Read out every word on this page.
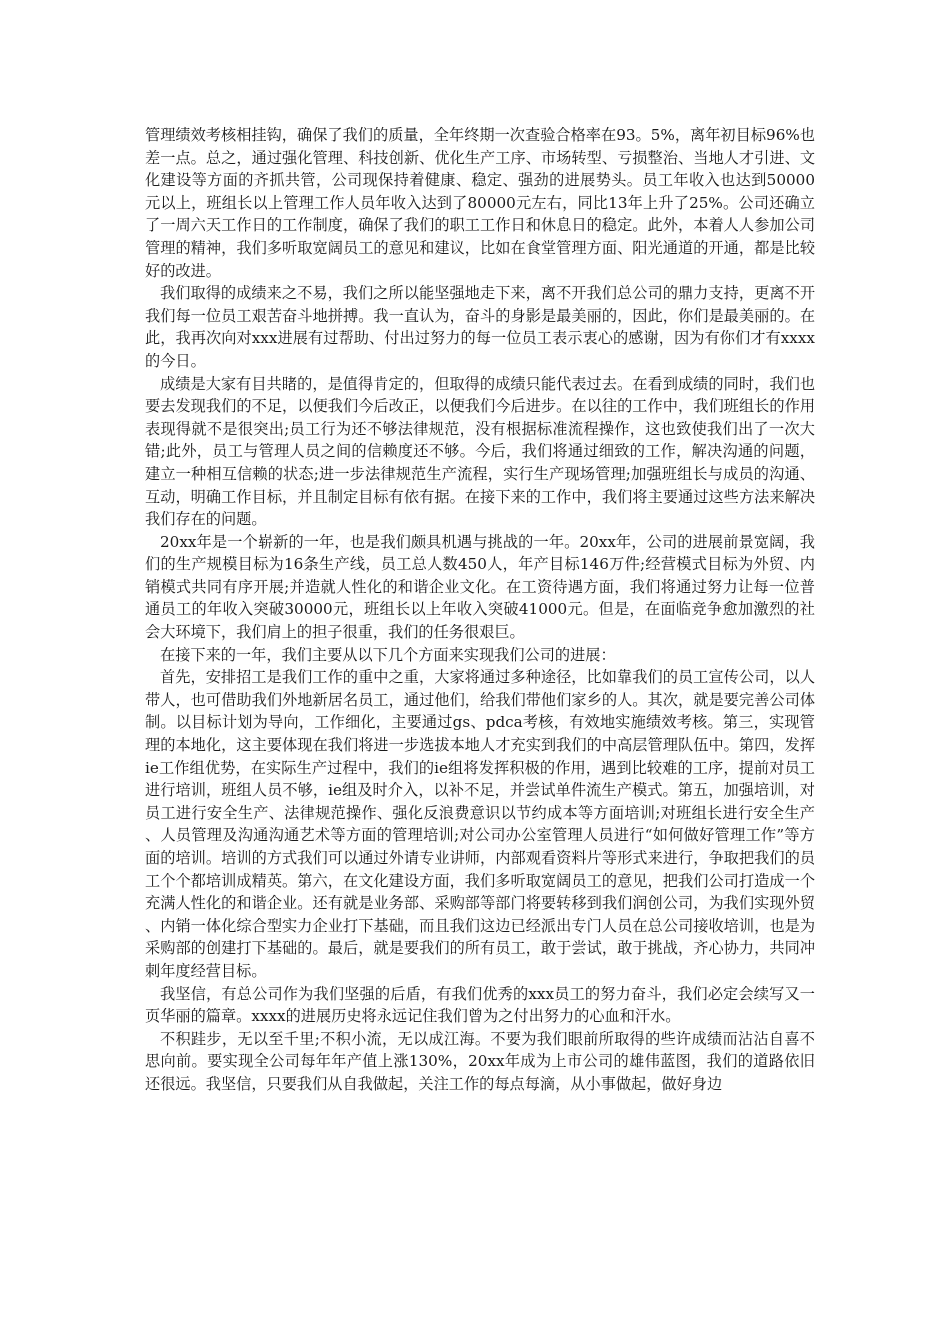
管理绩效考核相挂钩，确保了我们的质量，全年终期一次查验合格率在93。5%，离年初目标96%也差一点。总之，通过强化管理、科技创新、优化生产工序、市场转型、亏损整治、当地人才引进、文化建设等方面的齐抓共管，公司现保持着健康、稳定、强劲的进展势头。员工年收入也达到50000元以上，班组长以上管理工作人员年收入达到了80000元左右，同比13年上升了25%。公司还确立了一周六天工作日的工作制度，确保了我们的职工工作日和休息日的稳定。此外，本着人人参加公司管理的精神，我们多听取宽阔员工的意见和建议，比如在食堂管理方面、阳光通道的开通，都是比较好的改进。

我们取得的成绩来之不易，我们之所以能坚强地走下来，离不开我们总公司的鼎力支持，更离不开我们每一位员工艰苦奋斗地拼搏。我一直认为，奋斗的身影是最美丽的，因此，你们是最美丽的。在此，我再次向对xxx进展有过帮助、付出过努力的每一位员工表示衷心的感谢，因为有你们才有xxxx的今日。

成绩是大家有目共睹的，是值得肯定的，但取得的成绩只能代表过去。在看到成绩的同时，我们也要去发现我们的不足，以便我们今后改正，以便我们今后进步。在以往的工作中，我们班组长的作用表现得就不是很突出;员工行为还不够法律规范，没有根据标准流程操作，这也致使我们出了一次大错;此外，员工与管理人员之间的信赖度还不够。今后，我们将通过细致的工作，解决沟通的问题，建立一种相互信赖的状态;进一步法律规范生产流程，实行生产现场管理;加强班组长与成员的沟通、互动，明确工作目标，并且制定目标有依有据。在接下来的工作中，我们将主要通过这些方法来解决我们存在的问题。

20xx年是一个崭新的一年，也是我们颇具机遇与挑战的一年。20xx年，公司的进展前景宽阔，我们的生产规模目标为16条生产线，员工总人数450人，年产目标146万件;经营模式目标为外贸、内销模式共同有序开展;并造就人性化的和谐企业文化。在工资待遇方面，我们将通过努力让每一位普通员工的年收入突破30000元，班组长以上年收入突破41000元。但是，在面临竞争愈加激烈的社会大环境下，我们肩上的担子很重，我们的任务很艰巨。

在接下来的一年，我们主要从以下几个方面来实现我们公司的进展：

首先，安排招工是我们工作的重中之重，大家将通过多种途径，比如靠我们的员工宣传公司，以人带人，也可借助我们外地新居名员工，通过他们，给我们带他们家乡的人。其次，就是要完善公司体制。以目标计划为导向，工作细化，主要通过gs、pdca考核，有效地实施绩效考核。第三，实现管理的本地化，这主要体现在我们将进一步选拔本地人才充实到我们的中高层管理队伍中。第四，发挥ie工作组优势，在实际生产过程中，我们的ie组将发挥积极的作用，遇到比较难的工序，提前对员工进行培训，班组人员不够，ie组及时介入，以补不足，并尝试单件流生产模式。第五，加强培训，对员工进行安全生产、法律规范操作、强化反浪费意识以节约成本等方面培训;对班组长进行安全生产、人员管理及沟通沟通艺术等方面的管理培训;对公司办公室管理人员进行“如何做好管理工作”等方面的培训。培训的方式我们可以通过外请专业讲师，内部观看资料片等形式来进行，争取把我们的员工个个都培训成精英。第六，在文化建设方面，我们多听取宽阔员工的意见，把我们公司打造成一个充满人性化的和谐企业。还有就是业务部、采购部等部门将要转移到我们润创公司，为我们实现外贸、内销一体化综合型实力企业打下基础，而且我们这边已经派出专门人员在总公司接收培训，也是为采购部的创建打下基础的。最后，就是要我们的所有员工，敢于尝试，敢于挑战，齐心协力，共同冲刺年度经营目标。

我坚信，有总公司作为我们坚强的后盾，有我们优秀的xxx员工的努力奋斗，我们必定会续写又一页华丽的篇章。xxxx的进展历史将永远记住我们曾为之付出努力的心血和汗水。

不积跬步，无以至千里;不积小流，无以成江海。不要为我们眼前所取得的些许成绩而沾沾自喜不思向前。要实现全公司每年年产值上涨130%，20xx年成为上市公司的雄伟蓝图，我们的道路依旧还很远。我坚信，只要我们从自我做起，关注工作的每点每滴，从小事做起，做好身边
